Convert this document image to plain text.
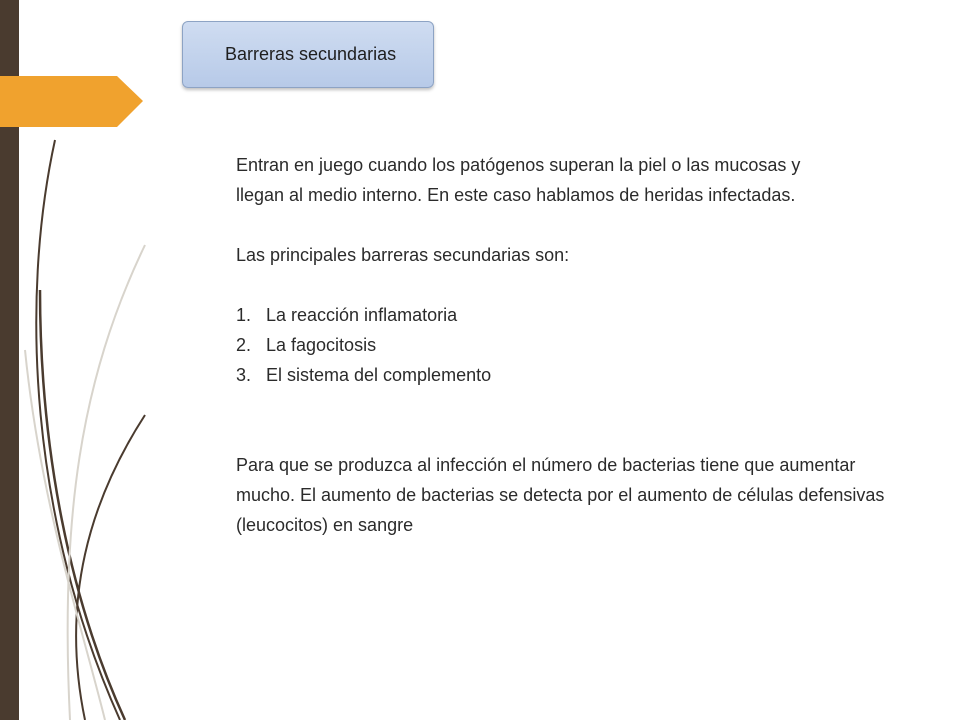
Barreras secundarias

Entran en juego cuando los patógenos superan la piel o las mucosas y

llegan al medio interno. En este caso hablamos de heridas infectadas.

Las principales barreras secundarias son:

1. La reacción inflamatoria
2. La fagocitosis
3. El sistema del complemento

Para que se produzca al infección el número de bacterias tiene que aumentar

mucho. El aumento de bacterias se detecta por el aumento de células defensivas

(leucocitos) en sangre
